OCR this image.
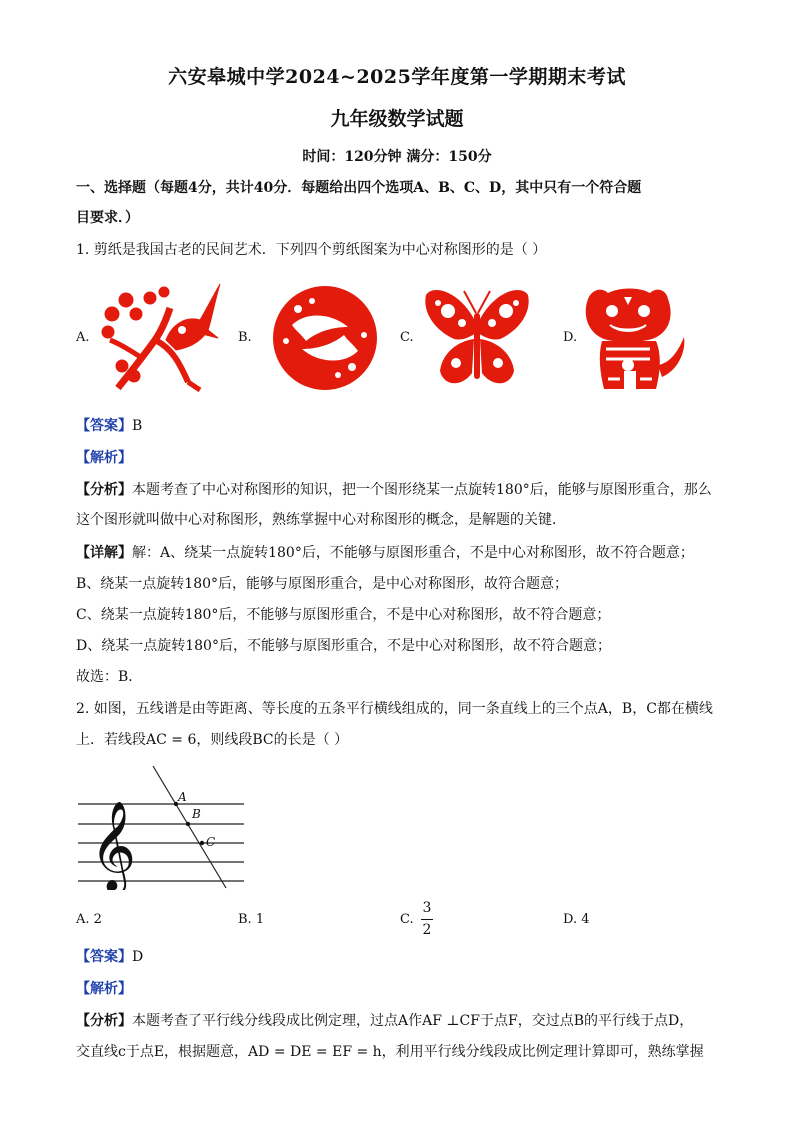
六安皋城中学2024~2025学年度第一学期期末考试
九年级数学试题
时间：120分钟 满分：150分
一、选择题（每题4分，共计40分．每题给出四个选项A、B、C、D，其中只有一个符合题
目要求．）
1. 剪纸是我国古老的民间艺术．下列四个剪纸图案为中心对称图形的是（ ）
A.	B.	C.	D.
【答案】B
【解析】
【分析】本题考查了中心对称图形的知识，把一个图形绕某一点旋转180°后，能够与原图形重合，那么
这个图形就叫做中心对称图形，熟练掌握中心对称图形的概念，是解题的关键．
【详解】解：A、绕某一点旋转180°后，不能够与原图形重合，不是中心对称图形，故不符合题意；
B、绕某一点旋转180°后，能够与原图形重合，是中心对称图形，故符合题意；
C、绕某一点旋转180°后，不能够与原图形重合，不是中心对称图形，故不符合题意；
D、绕某一点旋转180°后，不能够与原图形重合，不是中心对称图形，故不符合题意；
故选：B．
2. 如图，五线谱是由等距离、等长度的五条平行横线组成的，同一条直线上的三个点A，B，C都在横线
上．若线段AC = 6，则线段BC的长是（ ）
𝄞
A
B
C
A. 2	B. 1	C.
3
2
D. 4
【答案】D
【解析】
【分析】本题考查了平行线分线段成比例定理，过点A作AF ⊥CF于点F，交过点B的平行线于点D，
交直线c于点E，根据题意，AD = DE = EF = h，利用平行线分线段成比例定理计算即可，熟练掌握
